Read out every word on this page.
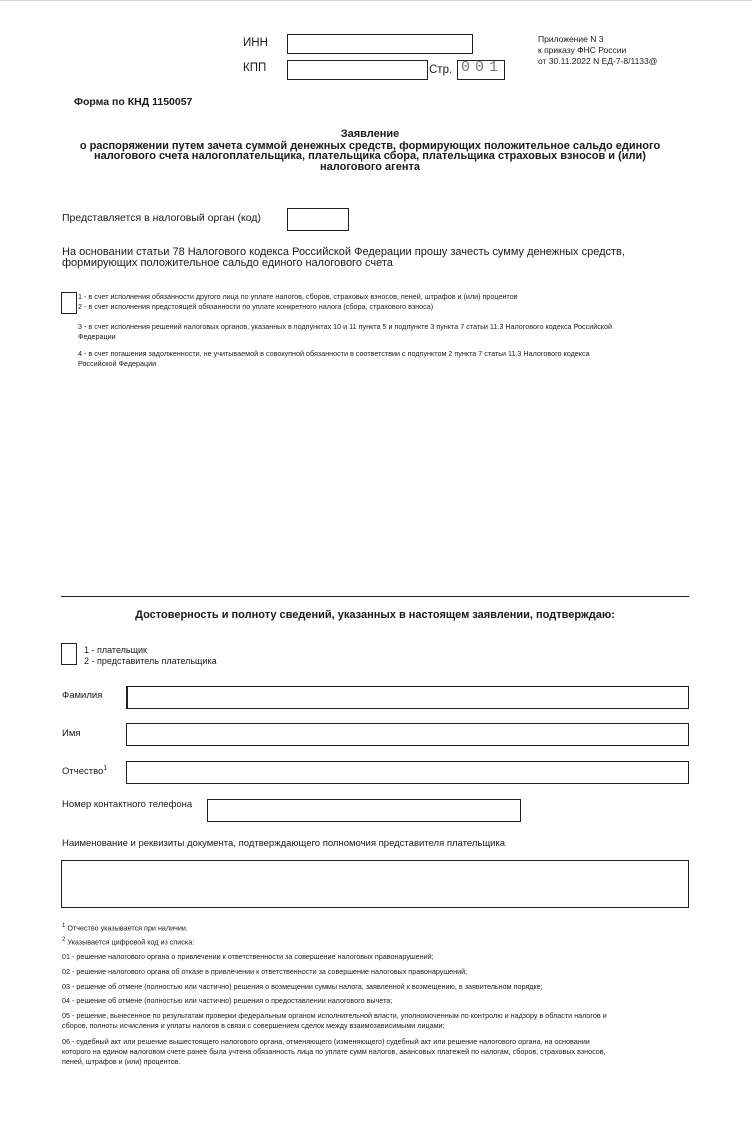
ИНН
КПП	Стр. 001
Приложение N 3
к приказу ФНС России
от 30.11.2022 N ЕД-7-8/1133@
Форма по КНД 1150057
Заявление
о распоряжении путем зачета суммой денежных средств, формирующих положительное сальдо единого
налогового счета налогоплательщика, плательщика сбора, плательщика страховых взносов и (или)
налогового агента
Представляется в налоговый орган (код)
На основании статьи 78 Налогового кодекса Российской Федерации прошу зачесть сумму денежных средств,
формирующих положительное сальдо единого налогового счета
1 - в счет исполнения обязанности другого лица по уплате налогов, сборов, страховых взносов, пеней, штрафов и (или) процентов
2 - в счет исполнения предстоящей обязанности по уплате конкретного налога (сбора, страхового взноса)
3 - в счет исполнения решений налоговых органов, указанных в подпунктах 10 и 11 пункта 5 и подпункте 3 пункта 7 статьи 11.3 Налогового кодекса Российской
Федерации
4 - в счет погашения задолженности, не учитываемой в совокупной обязанности в соответствии с подпунктом 2 пункта 7 статьи 11.3 Налогового кодекса
Российской Федерации
Достоверность и полноту сведений, указанных в настоящем заявлении, подтверждаю:
1 - плательщик
2 - представитель плательщика
Фамилия
Имя
Отчество$^1$
Номер контактного телефона
Наименование и реквизиты документа, подтверждающего полномочия представителя плательщика
$^1$ Отчество указывается при наличии.
$^2$ Указывается цифровой код из списка:
01 - решение налогового органа о привлечении к ответственности за совершение налоговых правонарушений;
02 - решение налогового органа об отказе в привлечении к ответственности за совершение налоговых правонарушений;
03 - решение об отмене (полностью или частично) решения о возмещении суммы налога, заявленной к возмещению, в заявительном порядке;
04 - решение об отмене (полностью или частично) решения о предоставлении налогового вычета;
05 - решение, вынесенное по результатам проверки федеральным органом исполнительной власти, уполномоченным по контролю и надзору в области налогов и
сборов, полноты исчисления и уплаты налогов в связи с совершением сделок между взаимозависимыми лицами;
06 - судебный акт или решение вышестоящего налогового органа, отменяющего (изменяющего) судебный акт или решение налогового органа, на основании
которого на едином налоговом счете ранее была учтена обязанность лица по уплате сумм налогов, авансовых платежей по налогам, сборов, страховых взносов,
пеней, штрафов и (или) процентов.
